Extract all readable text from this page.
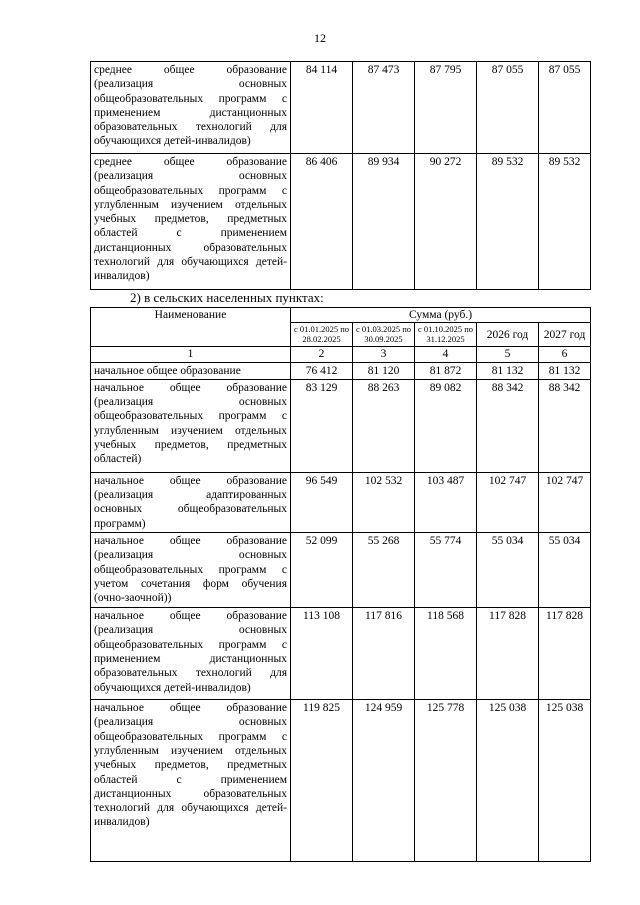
12
среднее общее образование (реализация основных общеобразовательных программ с применением дистанционных образовательных технологий для обучающихся детей-инвалидов)	84 114	87 473	87 795	87 055	87 055
среднее общее образование (реализация основных общеобразовательных программ с углубленным изучением отдельных учебных предметов, предметных областей с применением дистанционных образовательных технологий для обучающихся детей-инвалидов)	86 406	89 934	90 272	89 532	89 532
2) в сельских населенных пунктах:
Наименование	Сумма (руб.)				
	с 01.01.2025 по 28.02.2025	с 01.03.2025 по 30.09.2025	с 01.10.2025 по 31.12.2025	2026 год	2027 год
1	2	3	4	5	6
начальное общее образование	76 412	81 120	81 872	81 132	81 132
начальное общее образование (реализация основных общеобразовательных программ с углубленным изучением отдельных учебных предметов, предметных областей)	83 129	88 263	89 082	88 342	88 342
начальное общее образование (реализация адаптированных основных общеобразовательных программ)	96 549	102 532	103 487	102 747	102 747
начальное общее образование (реализация основных общеобразовательных программ с учетом сочетания форм обучения (очно-заочной))	52 099	55 268	55 774	55 034	55 034
начальное общее образование (реализация основных общеобразовательных программ с применением дистанционных образовательных технологий для обучающихся детей-инвалидов)	113 108	117 816	118 568	117 828	117 828
начальное общее образование (реализация основных общеобразовательных программ с углубленным изучением отдельных учебных предметов, предметных областей с применением дистанционных образовательных технологий для обучающихся детей-инвалидов)	119 825	124 959	125 778	125 038	125 038
